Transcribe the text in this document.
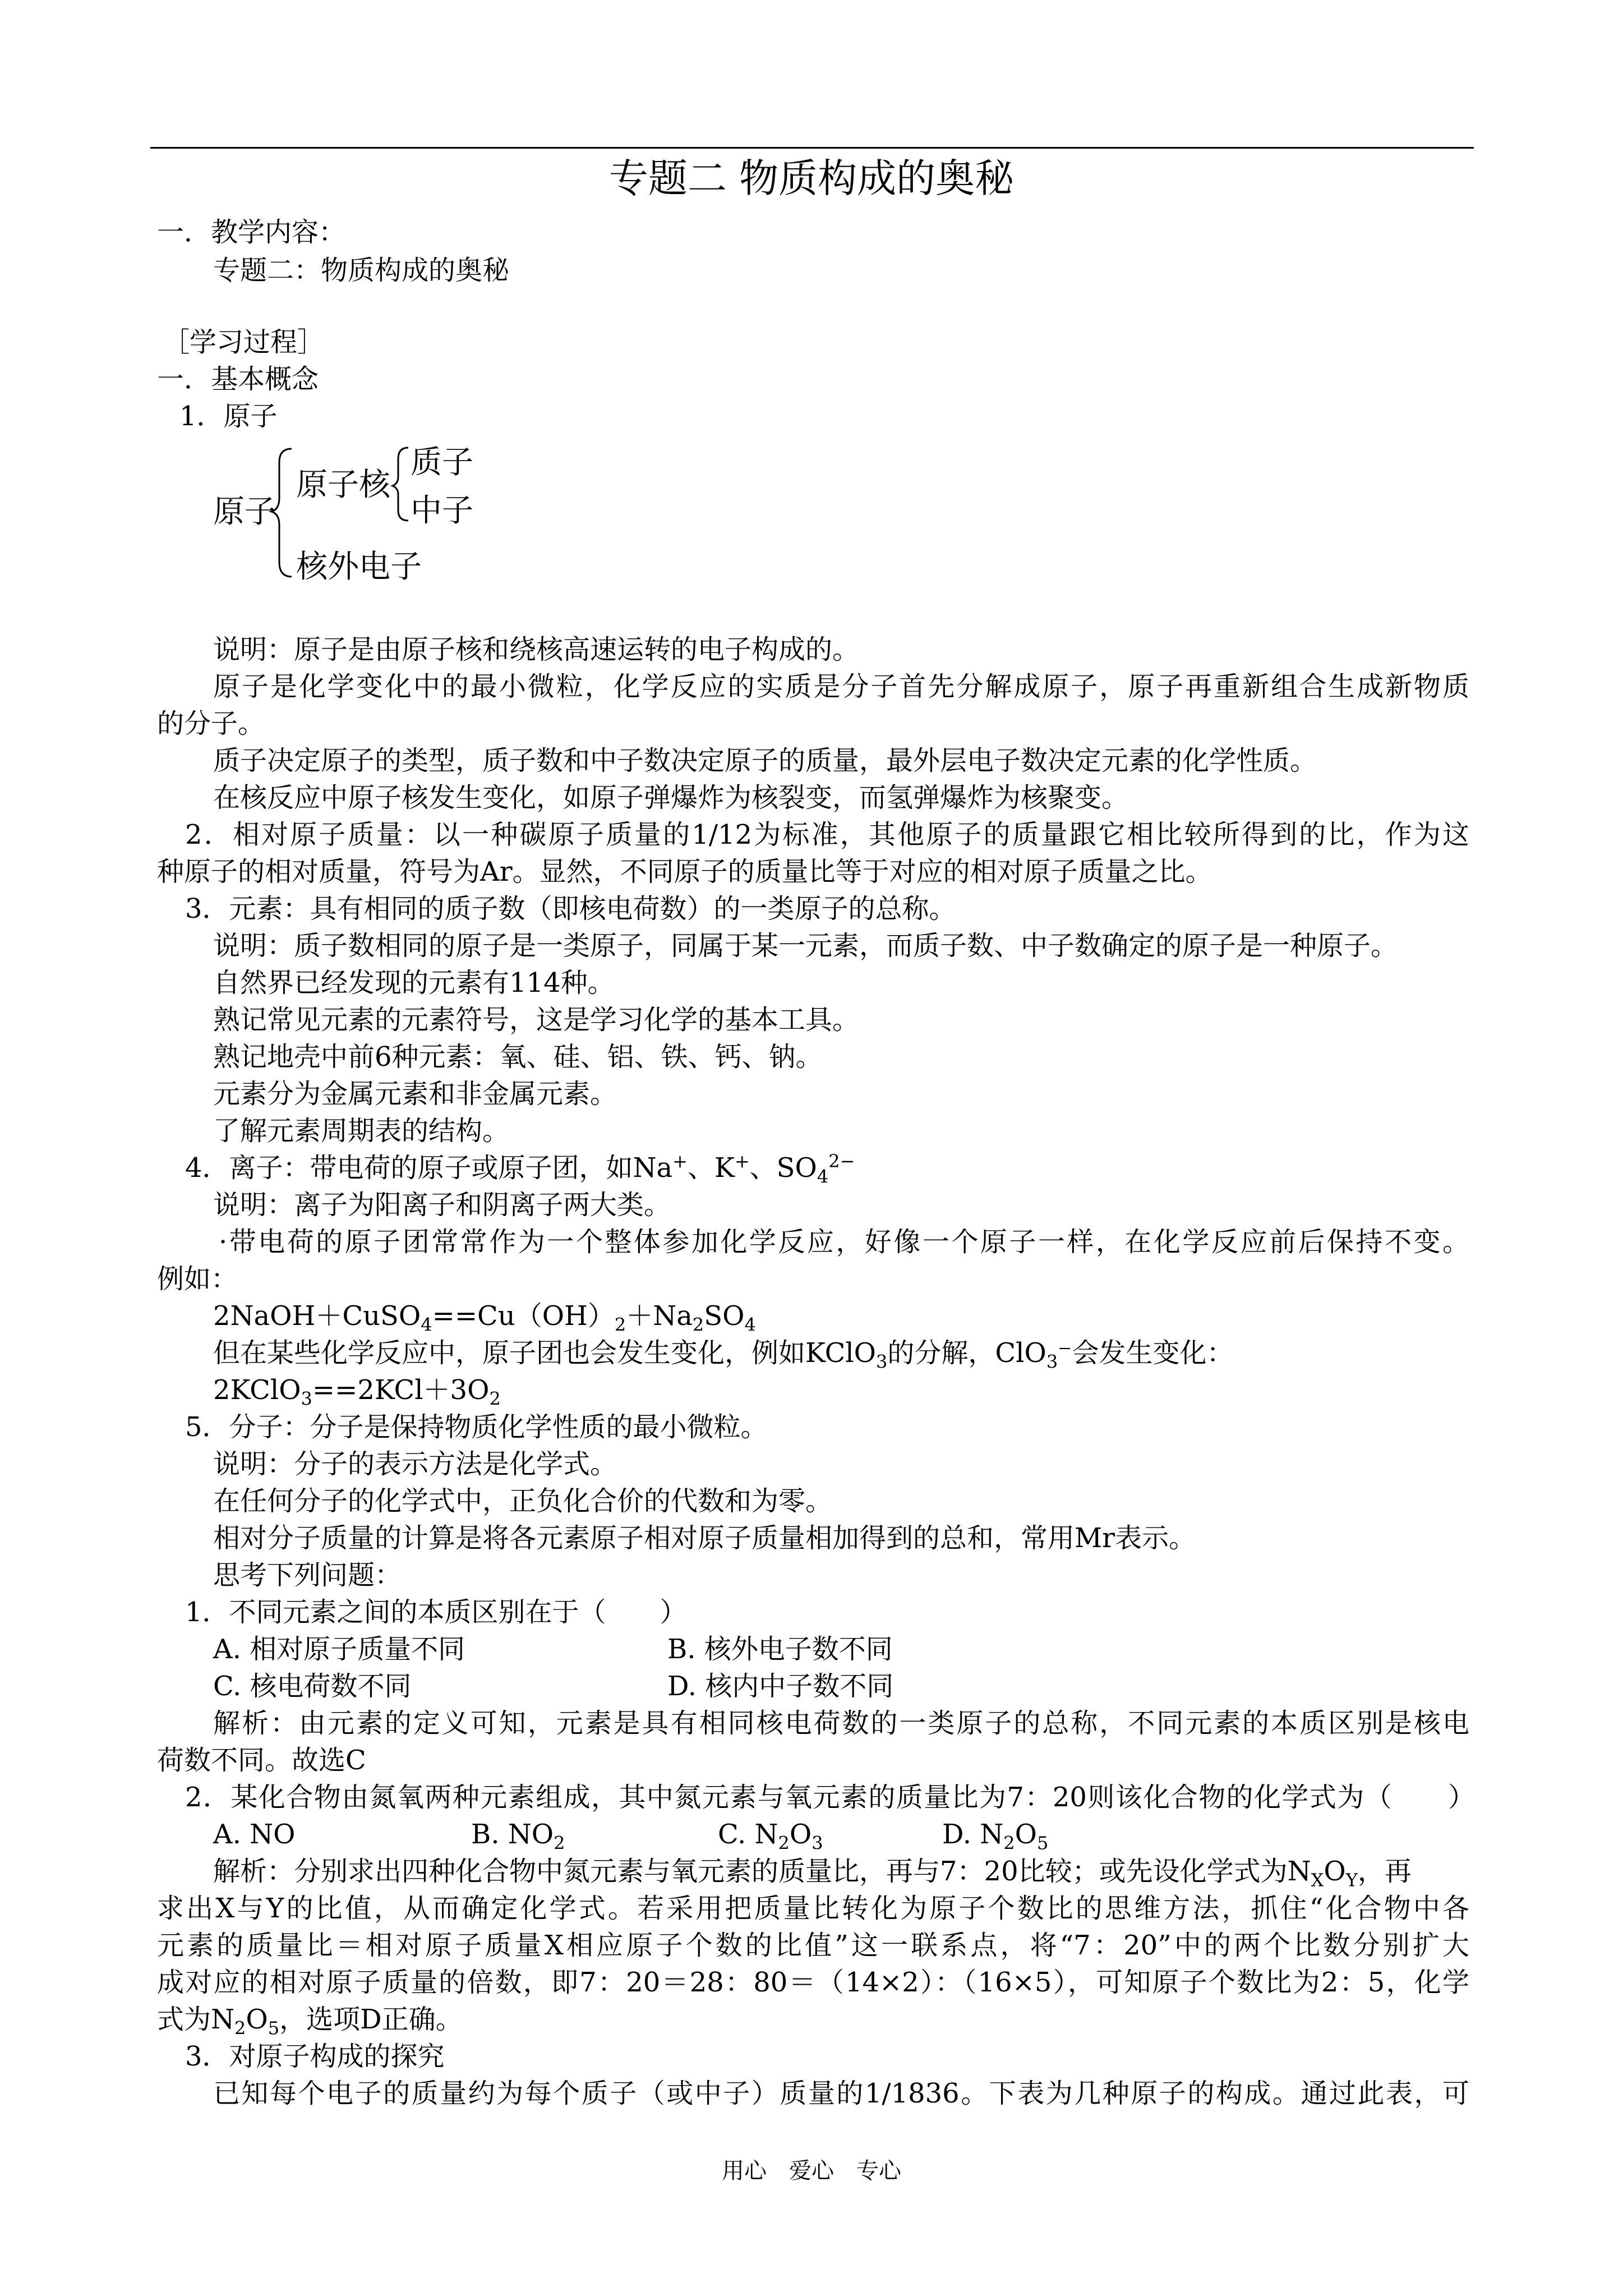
专题二 物质构成的奥秘
一．教学内容：
专题二：物质构成的奥秘
［学习过程］
一．基本概念
1．原子
原子
原子核
质子
中子
核外电子
说明：原子是由原子核和绕核高速运转的电子构成的。
原子是化学变化中的最小微粒，化学反应的实质是分子首先分解成原子，原子再重新组合生成新物质
的分子。
质子决定原子的类型，质子数和中子数决定原子的质量，最外层电子数决定元素的化学性质。
在核反应中原子核发生变化，如原子弹爆炸为核裂变，而氢弹爆炸为核聚变。
2．相对原子质量：以一种碳原子质量的1/12为标准，其他原子的质量跟它相比较所得到的比，作为这
种原子的相对质量，符号为Ar。显然，不同原子的质量比等于对应的相对原子质量之比。
3．元素：具有相同的质子数（即核电荷数）的一类原子的总称。
说明：质子数相同的原子是一类原子，同属于某一元素，而质子数、中子数确定的原子是一种原子。
自然界已经发现的元素有114种。
熟记常见元素的元素符号，这是学习化学的基本工具。
熟记地壳中前6种元素：氧、硅、铝、铁、钙、钠。
元素分为金属元素和非金属元素。
了解元素周期表的结构。
4．离子：带电荷的原子或原子团，如Na+、K+、$SO_4^{2-}$
说明：离子为阳离子和阴离子两大类。
·带电荷的原子团常常作为一个整体参加化学反应，好像一个原子一样，在化学反应前后保持不变。
例如：
$2NaOH+CuSO_4==Cu(OH)_2+Na_2SO_4$
但在某些化学反应中，原子团也会发生变化，例如KClO$_3$的分解，ClO$_3$⁻会发生变化：
$2KClO_3==2KCl+3O_2$
5．分子：分子是保持物质化学性质的最小微粒。
说明：分子的表示方法是化学式。
在任何分子的化学式中，正负化合价的代数和为零。
相对分子质量的计算是将各元素原子相对原子质量相加得到的总和，常用Mr表示。
思考下列问题：
1．不同元素之间的本质区别在于（　　）
A. 相对原子质量不同	B. 核外电子数不同
C. 核电荷数不同	D. 核内中子数不同
解析：由元素的定义可知，元素是具有相同核电荷数的一类原子的总称，不同元素的本质区别是核电
荷数不同。故选C
2．某化合物由氮氧两种元素组成，其中氮元素与氧元素的质量比为7：20则该化合物的化学式为（　　）
A. NO	B. $NO_2$	C. $N_2O_3$	D. $N_2O_5$
解析：分别求出四种化合物中氮元素与氧元素的质量比，再与7：20比较；或先设化学式为$N_XO_Y$，再
求出X与Y的比值，从而确定化学式。若采用把质量比转化为原子个数比的思维方法，抓住“化合物中各
元素的质量比＝相对原子质量X相应原子个数的比值”这一联系点，将“7：20”中的两个比数分别扩大
成对应的相对原子质量的倍数，即7：20＝28：80＝（14×2）：（16×5），可知原子个数比为2：5，化学
式为$N_2O_5$，选项D正确。
3．对原子构成的探究
已知每个电子的质量约为每个质子（或中子）质量的1/1836。下表为几种原子的构成。通过此表，可
用心　爱心　专心
